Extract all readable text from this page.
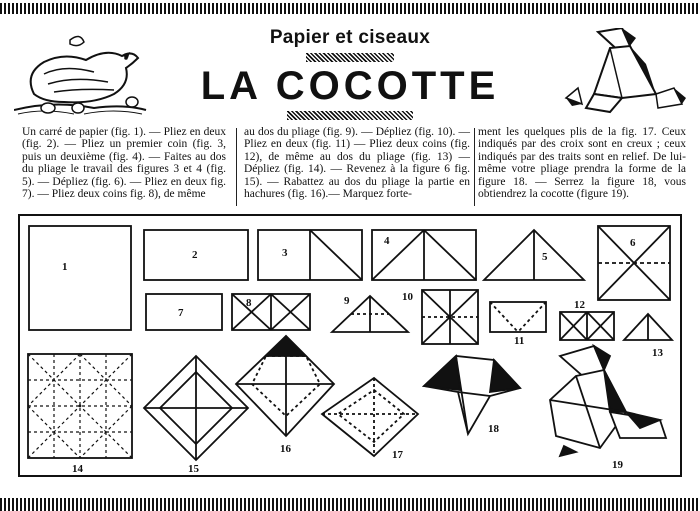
Papier et ciseaux
LA COCOTTE
Un carré de papier (fig. 1). — Pliez en deux (fig. 2). — Pliez un premier coin (fig. 3, puis un deuxième (fig. 4). — Faites au dos du pliage le travail des figures 3 et 4 (fig. 5). — Dépliez (fig. 6). — Pliez en deux fig. 7). — Pliez deux coins fig. 8), de même
au dos du pliage (fig. 9). — Dépliez (fig. 10). — Pliez en deux (fig. 11) — Pliez deux coins (fig. 12), de même au dos du pliage (fig. 13) — Dépliez (fig. 14). — Revenez à la figure 6 fig. 15). — Rabattez au dos du pliage la partie en hachures (fig. 16).— Marquez forte-
ment les quelques plis de la fig. 17. Ceux indiqués par des croix sont en creux ; ceux indiqués par des traits sont en relief. De lui-même votre pliage prendra la forme de la figure 18. — Serrez la figure 18, vous obtiendrez la cocotte (figure 19).
1
2	3
4
5
6
7
8	9	10
11
12
13
14	15
16	17
18
19
